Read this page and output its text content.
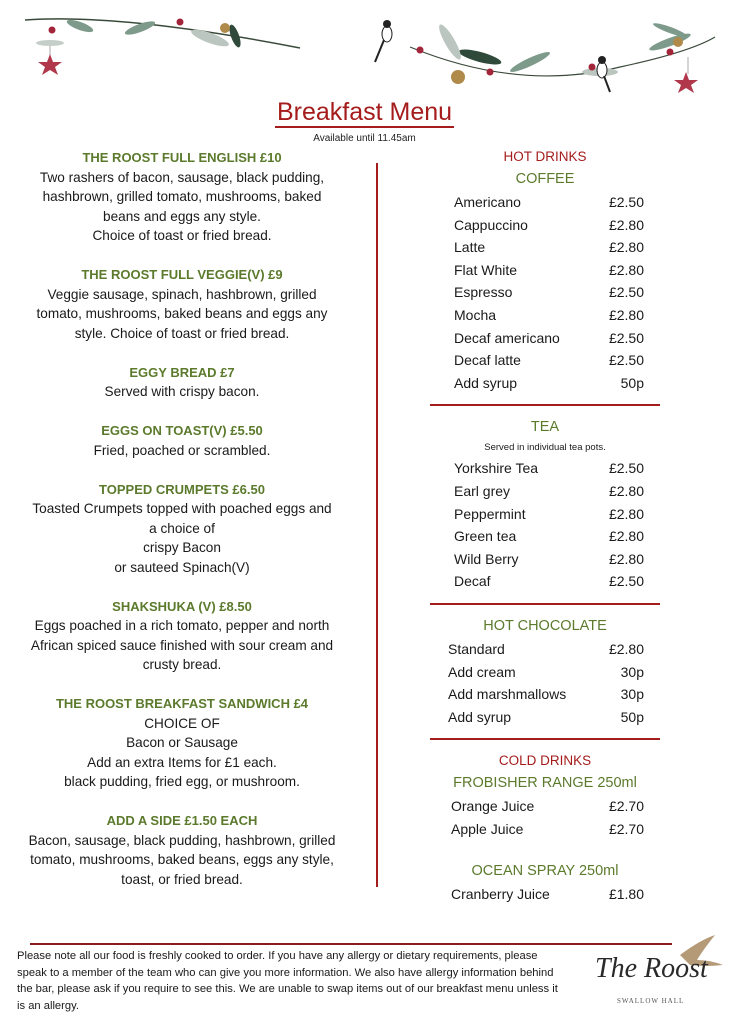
Breakfast Menu
Available until 11.45am
THE ROOST FULL ENGLISH £10
Two rashers of bacon, sausage, black pudding,
hashbrown, grilled tomato, mushrooms, baked
beans and eggs any style.
Choice of toast or fried bread.
THE ROOST FULL VEGGIE(V) £9
Veggie sausage, spinach, hashbrown, grilled
tomato, mushrooms, baked beans and eggs any
style. Choice of toast or fried bread.
EGGY BREAD £7
Served with crispy bacon.
EGGS ON TOAST(V) £5.50
Fried, poached or scrambled.
TOPPED CRUMPETS £6.50
Toasted Crumpets topped with poached eggs and
a choice of
crispy Bacon
or sauteed Spinach(V)
SHAKSHUKA (V) £8.50
Eggs poached in a rich tomato, pepper and north
African spiced sauce finished with sour cream and
crusty bread.
THE ROOST BREAKFAST SANDWICH £4
CHOICE OF
Bacon or Sausage
Add an extra Items for £1 each.
black pudding, fried egg, or mushroom.
ADD A SIDE £1.50 EACH
Bacon, sausage, black pudding, hashbrown, grilled
tomato, mushrooms, baked beans, eggs any style,
toast, or fried bread.
HOT DRINKS
COFFEE
Americano	£2.50
Cappuccino	£2.80
Latte	£2.80
Flat White	£2.80
Espresso	£2.50
Mocha	£2.80
Decaf americano	£2.50
Decaf latte	£2.50
Add syrup	50p
TEA
Served in individual tea pots.
Yorkshire Tea	£2.50
Earl grey	£2.80
Peppermint	£2.80
Green tea	£2.80
Wild Berry	£2.80
Decaf	£2.50
HOT CHOCOLATE
Standard	£2.80
Add cream	30p
Add marshmallows	30p
Add syrup	50p
COLD DRINKS
FROBISHER RANGE 250ml
Orange Juice	£2.70
Apple Juice	£2.70
OCEAN SPRAY 250ml
Cranberry Juice	£1.80
Please note all our food is freshly cooked to order. If you have any allergy or dietary requirements, please speak to a member of the team who can give you more information. We also have allergy information behind the bar, please ask if you require to see this. We are unable to swap items out of our breakfast menu unless it is an allergy.
The Roost
SWALLOW HALL
